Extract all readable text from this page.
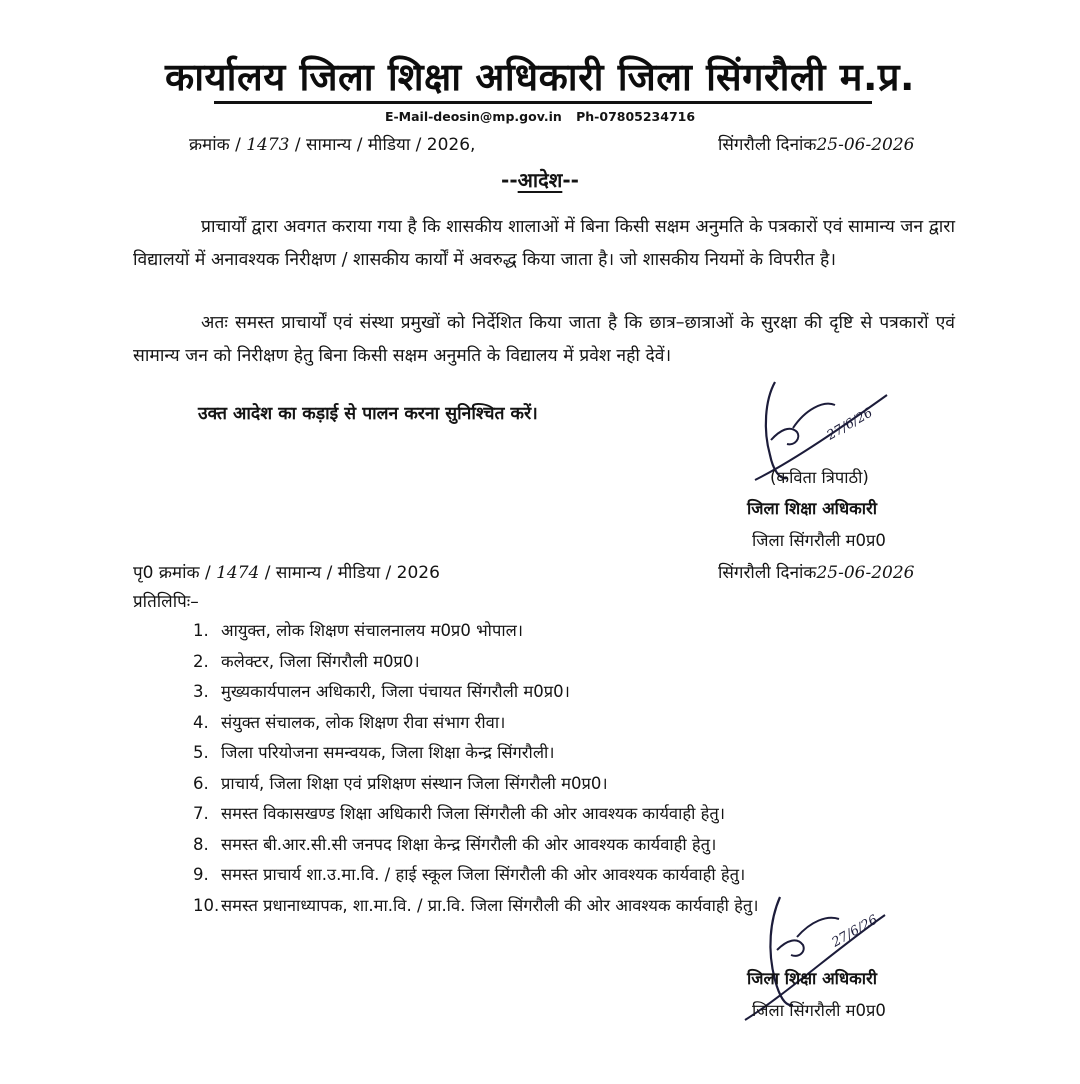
कार्यालय जिला शिक्षा अधिकारी जिला सिंगरौली म.प्र.
E-Mail-deosin@mp.gov.in Ph-07805234716
क्रमांक / 1473 / सामान्य / मीडिया / 2026,	सिंगरौली दिनांक25-06-2026
--आदेश--
प्राचार्यों द्वारा अवगत कराया गया है कि शासकीय शालाओं में बिना किसी सक्षम अनुमति के पत्रकारों एवं सामान्य जन द्वारा विद्यालयों में अनावश्यक निरीक्षण / शासकीय कार्यों में अवरुद्ध किया जाता है। जो शासकीय नियमों के विपरीत है।
अतः समस्त प्राचार्यों एवं संस्था प्रमुखों को निर्देशित किया जाता है कि छात्र–छात्राओं के सुरक्षा की दृष्टि से पत्रकारों एवं सामान्य जन को निरीक्षण हेतु बिना किसी सक्षम अनुमति के विद्यालय में प्रवेश नही देवें।
उक्त आदेश का कड़ाई से पालन करना सुनिश्चित करें।	27/6/26
(कविता त्रिपाठी)
जिला शिक्षा अधिकारी
जिला सिंगरौली म0प्र0
पृ0 क्रमांक / 1474 / सामान्य / मीडिया / 2026	सिंगरौली दिनांक25-06-2026
प्रतिलिपिः–
1. आयुक्त, लोक शिक्षण संचालनालय म0प्र0 भोपाल।
2. कलेक्टर, जिला सिंगरौली म0प्र0।
3. मुख्यकार्यपालन अधिकारी, जिला पंचायत सिंगरौली म0प्र0।
4. संयुक्त संचालक, लोक शिक्षण रीवा संभाग रीवा।
5. जिला परियोजना समन्वयक, जिला शिक्षा केन्द्र सिंगरौली।
6. प्राचार्य, जिला शिक्षा एवं प्रशिक्षण संस्थान जिला सिंगरौली म0प्र0।
7. समस्त विकासखण्ड शिक्षा अधिकारी जिला सिंगरौली की ओर आवश्यक कार्यवाही हेतु।
8. समस्त बी.आर.सी.सी जनपद शिक्षा केन्द्र सिंगरौली की ओर आवश्यक कार्यवाही हेतु।
9. समस्त प्राचार्य शा.उ.मा.वि. / हाई स्कूल जिला सिंगरौली की ओर आवश्यक कार्यवाही हेतु।
10. समस्त प्रधानाध्यापक, शा.मा.वि. / प्रा.वि. जिला सिंगरौली की ओर आवश्यक कार्यवाही हेतु।
27/6/26
जिला शिक्षा अधिकारी
जिला सिंगरौली म0प्र0
